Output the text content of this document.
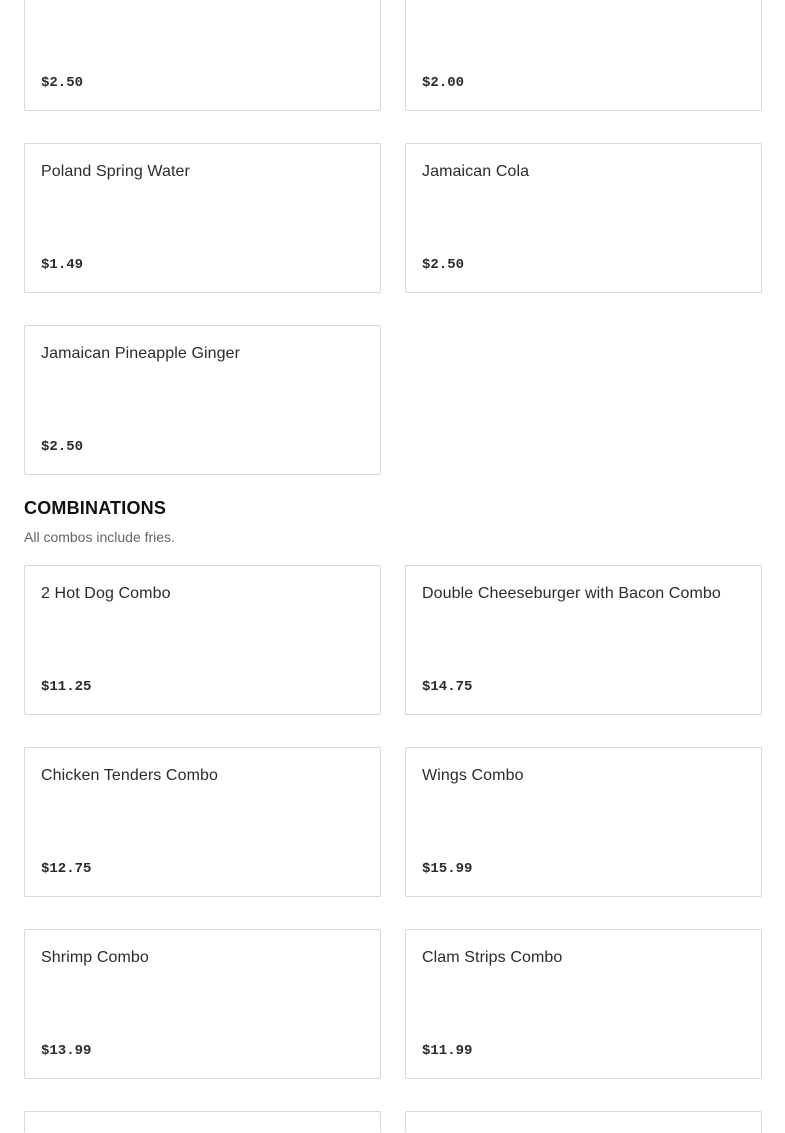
$2.50	$2.00
Poland Spring Water
$1.49
Jamaican Cola
$2.50
Jamaican Pineapple Ginger
$2.50
COMBINATIONS

All combos include fries.

2 Hot Dog Combo
$11.25
Double Cheeseburger with Bacon Combo
$14.75
Chicken Tenders Combo
$12.75
Wings Combo
$15.99
Shrimp Combo
$13.99
Clam Strips Combo
$11.99
